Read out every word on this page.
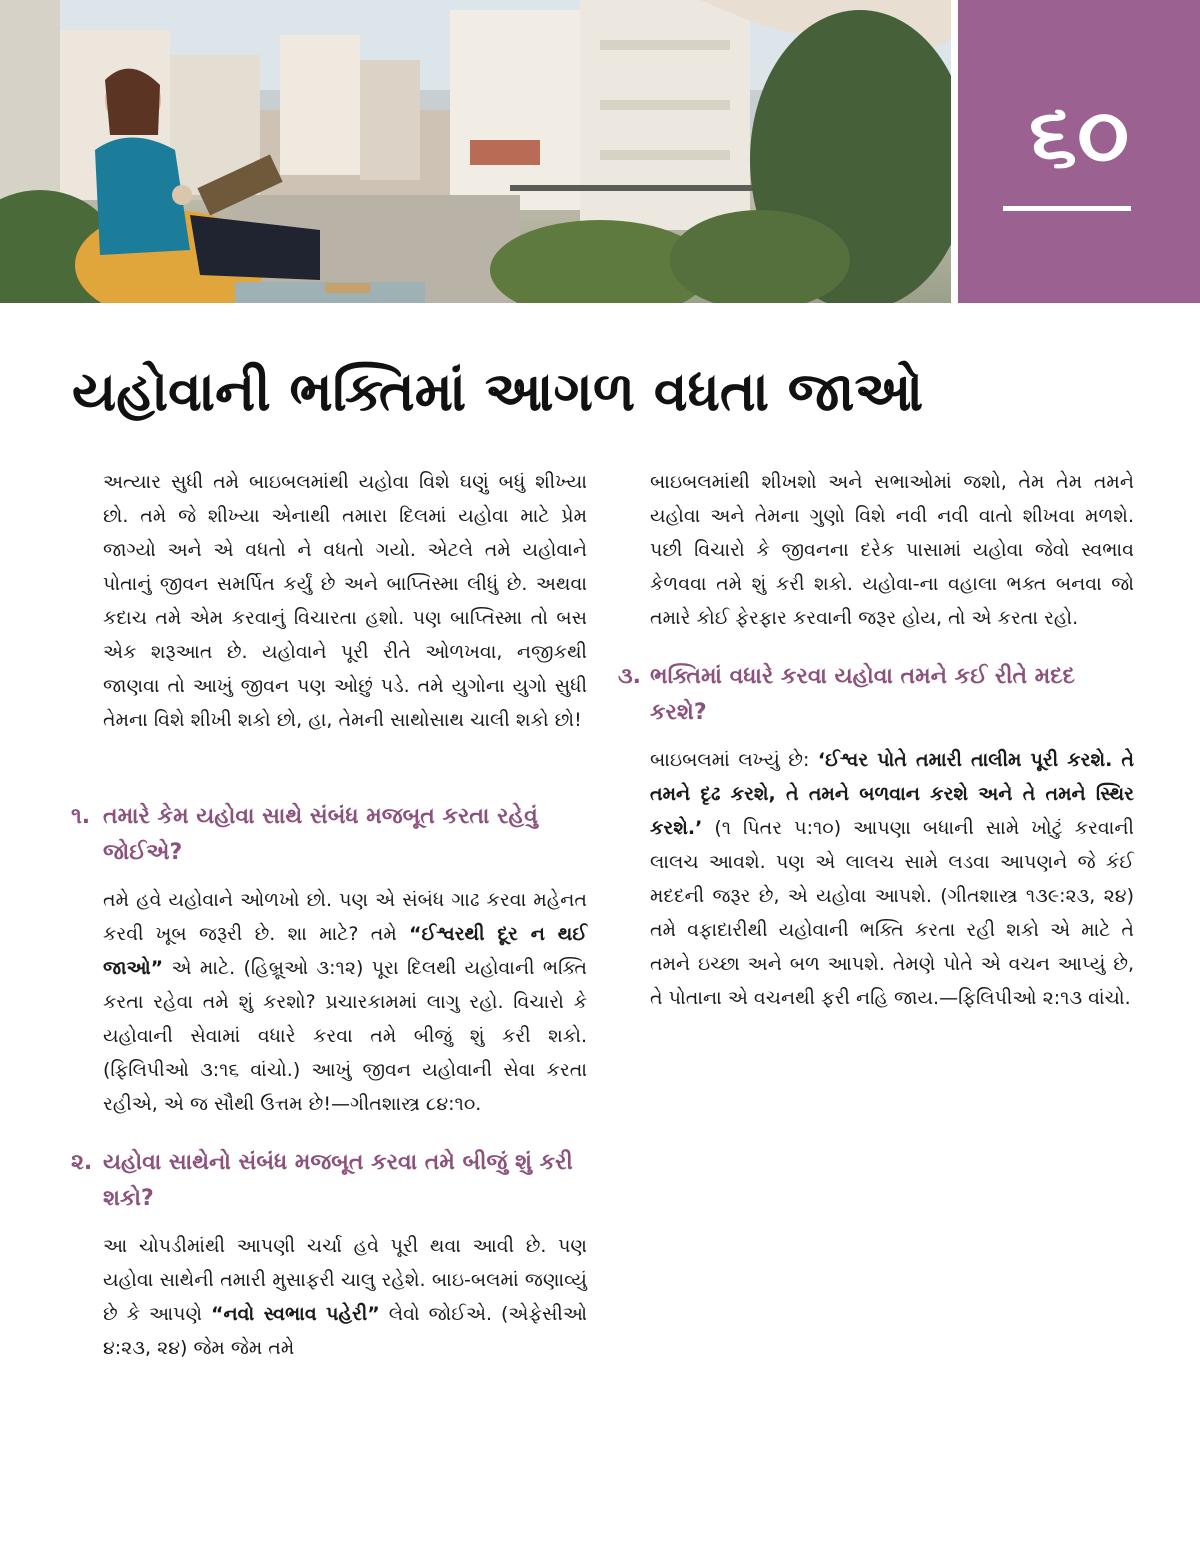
૬૦
યહોવાની ભક્તિમાં આગળ વધતા જાઓ

અત્યાર સુધી તમે બાઇબલમાંથી યહોવા વિશે ઘણું બધું શીખ્યા છો. તમે જે શીખ્યા એનાથી તમારા દિલમાં યહોવા માટે પ્રેમ જાગ્યો અને એ વધતો ને વધતો ગયો. એટલે તમે યહોવાને પોતાનું જીવન સમર્પિત કર્યું છે અને બાપ્તિસ્મા લીધું છે. અથવા કદાચ તમે એમ કરવાનું વિચારતા હશો. પણ બાપ્તિસ્મા તો બસ એક શરૂઆત છે. યહોવાને પૂરી રીતે ઓળખવા, નજીકથી જાણવા તો આખું જીવન પણ ઓછું પડે. તમે યુગોના યુગો સુધી તેમના વિશે શીખી શકો છો, હા, તેમની સાથોસાથ ચાલી શકો છો!

૧. તમારે કેમ યહોવા સાથે સંબંધ મજબૂત કરતા રહેવું જોઈએ?

તમે હવે યહોવાને ઓળખો છો. પણ એ સંબંધ ગાઢ કરવા મહેનત કરવી ખૂબ જરૂરી છે. શા માટે? તમે “ઈશ્વરથી દૂર ન થઈ જાઓ” એ માટે. (હિબ્રૂઓ ૩:૧૨) પૂરા દિલથી યહોવાની ભક્તિ કરતા રહેવા તમે શું કરશો? પ્રચારકામમાં લાગુ રહો. વિચારો કે યહોવાની સેવામાં વધારે કરવા તમે બીજું શું કરી શકો. (ફિલિપીઓ ૩:૧૬ વાંચો.) આખું જીવન યહોવાની સેવા કરતા રહીએ, એ જ સૌથી ઉત્તમ છે!—ગીતશાસ્ત્ર ૮૪:૧૦.

૨. યહોવા સાથેનો સંબંધ મજબૂત કરવા તમે બીજું શું કરી શકો?

આ ચોપડીમાંથી આપણી ચર્ચા હવે પૂરી થવા આવી છે. પણ યહોવા સાથેની તમારી મુસાફરી ચાલુ રહેશે. બાઇ-બલમાં જણાવ્યું છે કે આપણે “નવો સ્વભાવ પહેરી” લેવો જોઈએ. (એફેસીઓ ૪:૨૩, ૨૪) જેમ જેમ તમે

બાઇબલમાંથી શીખશો અને સભાઓમાં જશો, તેમ તેમ તમને યહોવા અને તેમના ગુણો વિશે નવી નવી વાતો શીખવા મળશે. પછી વિચારો કે જીવનના દરેક પાસામાં યહોવા જેવો સ્વભાવ કેળવવા તમે શું કરી શકો. યહોવા-ના વહાલા ભક્ત બનવા જો તમારે કોઈ ફેરફાર કરવાની જરૂર હોય, તો એ કરતા રહો.

૩. ભક્તિમાં વધારે કરવા યહોવા તમને કઈ રીતે મદદ કરશે?

બાઇબલમાં લખ્યું છે: ‘ઈશ્વર પોતે તમારી તાલીમ પૂરી કરશે. તે તમને દૃઢ કરશે, તે તમને બળવાન કરશે અને તે તમને સ્થિર કરશે.’ (૧ પિતર ૫:૧૦) આપણા બધાની સામે ખોટું કરવાની લાલચ આવશે. પણ એ લાલચ સામે લડવા આપણને જે કંઈ મદદની જરૂર છે, એ યહોવા આપશે. (ગીતશાસ્ત્ર ૧૩૯:૨૩, ૨૪) તમે વફાદારીથી યહોવાની ભક્તિ કરતા રહી શકો એ માટે તે તમને ઇચ્છા અને બળ આપશે. તેમણે પોતે એ વચન આપ્યું છે, તે પોતાના એ વચનથી ફરી નહિ જાય.—ફિલિપીઓ ૨:૧૩ વાંચો.
